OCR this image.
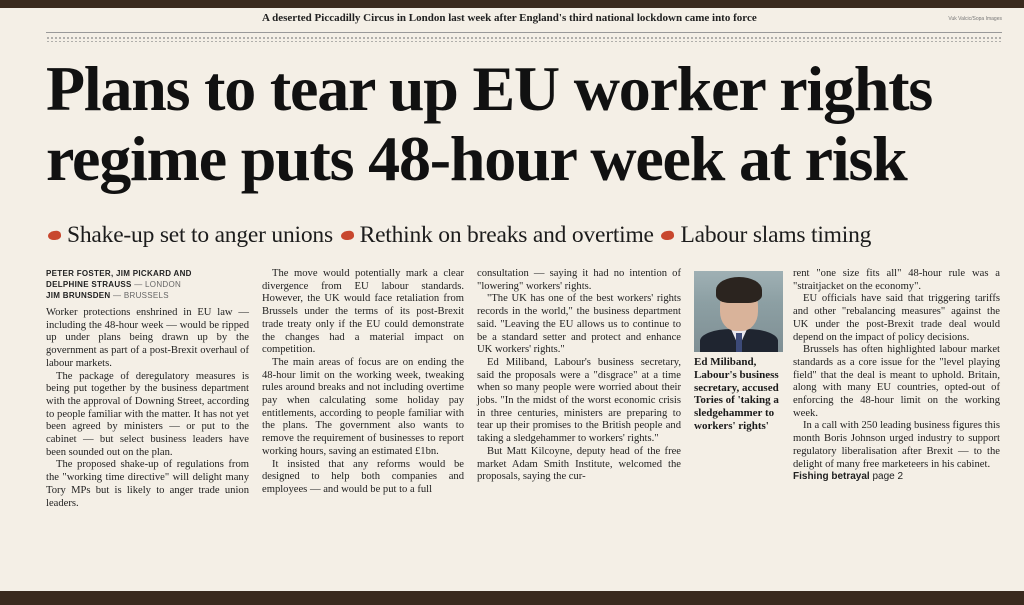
A deserted Piccadilly Circus in London last week after England's third national lockdown came into force	Vuk Valcic/Sopa Images
Plans to tear up EU worker rights
regime puts 48-hour week at risk
Shake-up set to anger unions Rethink on breaks and overtime Labour slams timing
PETER FOSTER, JIM PICKARD AND
DELPHINE STRAUSS — LONDON
JIM BRUNSDEN — BRUSSELS

Worker protections enshrined in EU law — including the 48-hour week — would be ripped up under plans being drawn up by the government as part of a post-Brexit overhaul of labour markets.

The package of deregulatory measures is being put together by the business department with the approval of Downing Street, according to people familiar with the matter. It has not yet been agreed by ministers — or put to the cabinet — but select business leaders have been sounded out on the plan.

The proposed shake-up of regulations from the "working time directive" will delight many Tory MPs but is likely to anger trade union leaders.

The move would potentially mark a clear divergence from EU labour standards. However, the UK would face retaliation from Brussels under the terms of its post-Brexit trade treaty only if the EU could demonstrate the changes had a material impact on competition.

The main areas of focus are on ending the 48-hour limit on the working week, tweaking rules around breaks and not including overtime pay when calculating some holiday pay entitlements, according to people familiar with the plans. The government also wants to remove the requirement of businesses to report working hours, saving an estimated £1bn.

It insisted that any reforms would be designed to help both companies and employees — and would be put to a full

consultation — saying it had no intention of "lowering" workers' rights.

"The UK has one of the best workers' rights records in the world," the business department said. "Leaving the EU allows us to continue to be a standard setter and protect and enhance UK workers' rights."

Ed Miliband, Labour's business secretary, said the proposals were a "disgrace" at a time when so many people were worried about their jobs. "In the midst of the worst economic crisis in three centuries, ministers are preparing to tear up their promises to the British people and taking a sledgehammer to workers' rights."

But Matt Kilcoyne, deputy head of the free market Adam Smith Institute, welcomed the proposals, saying the cur-

Ed Miliband, Labour's business secretary, accused Tories of 'taking a sledgehammer to workers' rights'

rent "one size fits all" 48-hour rule was a "straitjacket on the economy".

EU officials have said that triggering tariffs and other "rebalancing measures" against the UK under the post-Brexit trade deal would depend on the impact of policy decisions.

Brussels has often highlighted labour market standards as a core issue for the "level playing field" that the deal is meant to uphold. Britain, along with many EU countries, opted-out of enforcing the 48-hour limit on the working week.

In a call with 250 leading business figures this month Boris Johnson urged industry to support regulatory liberalisation after Brexit — to the delight of many free marketeers in his cabinet.

Fishing betrayal page 2
